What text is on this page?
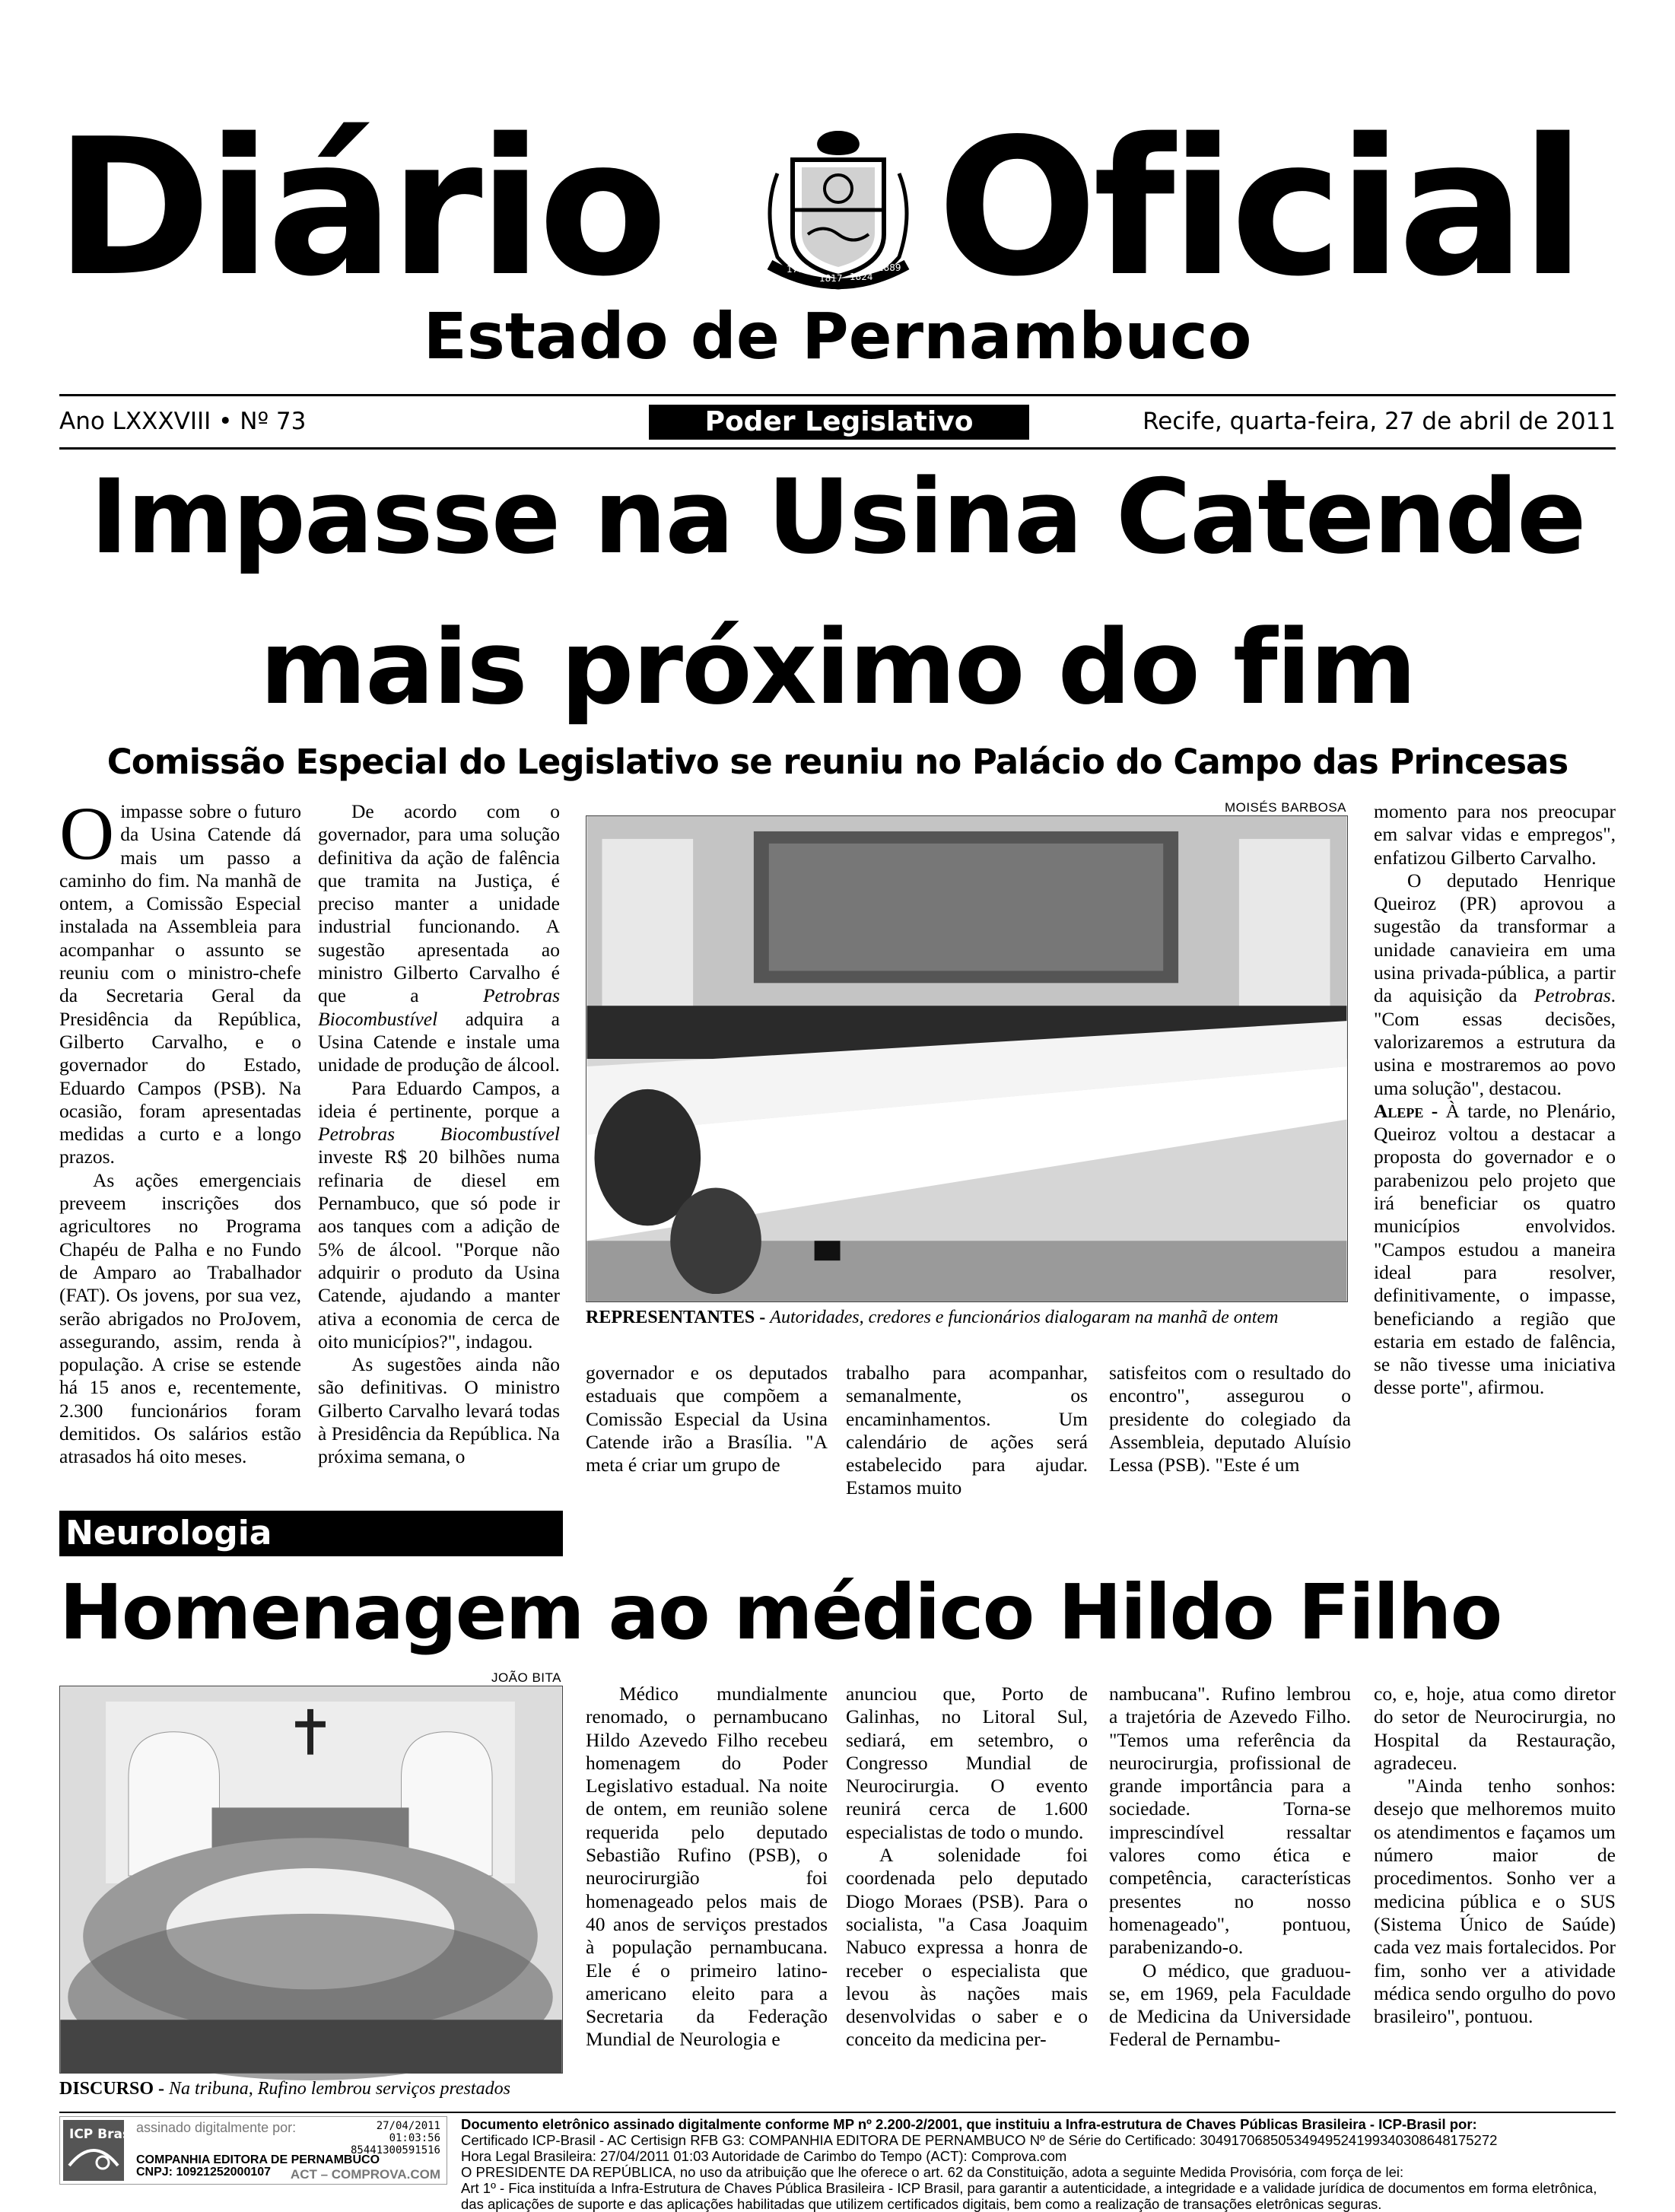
Diário	1710
1817 1824
1889 Oficial
Estado de Pernambuco
Ano LXXXVIII • Nº 73	Poder Legislativo	Recife, quarta-feira, 27 de abril de 2011
Impasse na Usina Catende
mais próximo do fim
Comissão Especial do Legislativo se reuniu no Palácio do Campo das Princesas

Oimpasse sobre o futuro da Usina Catende dá mais um passo a caminho do fim. Na manhã de ontem, a Comissão Especial instalada na Assembleia para acompanhar o assunto se reuniu com o ministro-chefe da Secretaria Geral da Presidência da República, Gilberto Carvalho, e o governador do Estado, Eduardo Campos (PSB). Na ocasião, foram apresentadas medidas a curto e a longo prazos.

As ações emergenciais preveem inscrições dos agricultores no Programa Chapéu de Palha e no Fundo de Amparo ao Trabalhador (FAT). Os jovens, por sua vez, serão abrigados no ProJovem, assegurando, assim, renda à população. A crise se estende há 15 anos e, recentemente, 2.300 funcionários foram demitidos. Os salários estão atrasados há oito meses.

De acordo com o governador, para uma solução definitiva da ação de falência que tramita na Justiça, é preciso manter a unidade industrial funcionando. A sugestão apresentada ao ministro Gilberto Carvalho é que a Petrobras Biocombustível adquira a Usina Catende e instale uma unidade de produção de álcool.

Para Eduardo Campos, a ideia é pertinente, porque a Petrobras Biocombustível investe R$ 20 bilhões numa refinaria de diesel em Pernambuco, que só pode ir aos tanques com a adição de 5% de álcool. "Porque não adquirir o produto da Usina Catende, ajudando a manter ativa a economia de cerca de oito municípios?", indagou.

As sugestões ainda não são definitivas. O ministro Gilberto Carvalho levará todas à Presidência da República. Na próxima semana, o

MOISÉS BARBOSA
REPRESENTANTES - Autoridades, credores e funcionários dialogaram na manhã de ontem
governador e os deputados estaduais que compõem a Comissão Especial da Usina Catende irão a Brasília. "A meta é criar um grupo de
trabalho para acompanhar, semanalmente, os encaminhamentos. Um calendário de ações será estabelecido para ajudar. Estamos muito
satisfeitos com o resultado do encontro", assegurou o presidente do colegiado da Assembleia, deputado Aluísio Lessa (PSB). "Este é um

momento para nos preocupar em salvar vidas e empregos", enfatizou Gilberto Carvalho.

O deputado Henrique Queiroz (PR) aprovou a sugestão da transformar a unidade canavieira em uma usina privada-pública, a partir da aquisição da Petrobras. "Com essas decisões, valorizaremos a estrutura da usina e mostraremos ao povo uma solução", destacou.

Alepe - À tarde, no Plenário, Queiroz voltou a destacar a proposta do governador e o parabenizou pelo projeto que irá beneficiar os quatro municípios envolvidos. "Campos estudou a maneira ideal para resolver, definitivamente, o impasse, beneficiando a região que estaria em estado de falência, se não tivesse uma iniciativa desse porte", afirmou.

Neurologia
Homenagem ao médico Hildo Filho
JOÃO BITA
DISCURSO - Na tribuna, Rufino lembrou serviços prestados

Médico mundialmente renomado, o pernambucano Hildo Azevedo Filho recebeu homenagem do Poder Legislativo estadual. Na noite de ontem, em reunião solene requerida pelo deputado Sebastião Rufino (PSB), o neurocirurgião foi homenageado pelos mais de 40 anos de serviços prestados à população pernambucana. Ele é o primeiro latino-americano eleito para a Secretaria da Federação Mundial de Neurologia e

anunciou que, Porto de Galinhas, no Litoral Sul, sediará, em setembro, o Congresso Mundial de Neurocirurgia. O evento reunirá cerca de 1.600 especialistas de todo o mundo.

A solenidade foi coordenada pelo deputado Diogo Moraes (PSB). Para o socialista, "a Casa Joaquim Nabuco expressa a honra de receber o especialista que levou às nações mais desenvolvidas o saber e o conceito da medicina per-

nambucana". Rufino lembrou a trajetória de Azevedo Filho. "Temos uma referência da neurocirurgia, profissional de grande importância para a sociedade. Torna-se imprescindível ressaltar valores como ética e competência, características presentes no nosso homenageado", pontuou, parabenizando-o.

O médico, que graduou-se, em 1969, pela Faculdade de Medicina da Universidade Federal de Pernambu-

co, e, hoje, atua como diretor do setor de Neurocirurgia, no Hospital da Restauração, agradeceu.

"Ainda tenho sonhos: desejo que melhoremos muito os atendimentos e façamos um número maior de procedimentos. Sonho ver a medicina pública e o SUS (Sistema Único de Saúde) cada vez mais fortalecidos. Por fim, sonho ver a atividade médica sendo orgulho do povo brasileiro", pontuou.

ICP Brasil
assinado digitalmente por:	27/04/2011
01:03:56
85441300591516
COMPANHIA EDITORA DE PERNAMBUCO
CNPJ: 10921252000107 ACT – COMPROVA.COM
Documento eletrônico assinado digitalmente conforme MP nº 2.200-2/2001, que instituiu a Infra-estrutura de Chaves Públicas Brasileira - ICP-Brasil por:
Certificado ICP-Brasil - AC Certisign RFB G3: COMPANHIA EDITORA DE PERNAMBUCO Nº de Série do Certificado: 3049170685053494952419934030864817527​2
Hora Legal Brasileira: 27/04/2011 01:03 Autoridade de Carimbo do Tempo (ACT): Comprova.com
O PRESIDENTE DA REPÚBLICA, no uso da atribuição que lhe oferece o art. 62 da Constituição, adota a seguinte Medida Provisória, com força de lei:
Art 1º - Fica instituída a Infra-Estrutura de Chaves Pública Brasileira - ICP Brasil, para garantir a autenticidade, a integridade e a validade jurídica de documentos em forma eletrônica,
das aplicações de suporte e das aplicações habilitadas que utilizem certificados digitais, bem como a realização de transações eletrônicas seguras.
